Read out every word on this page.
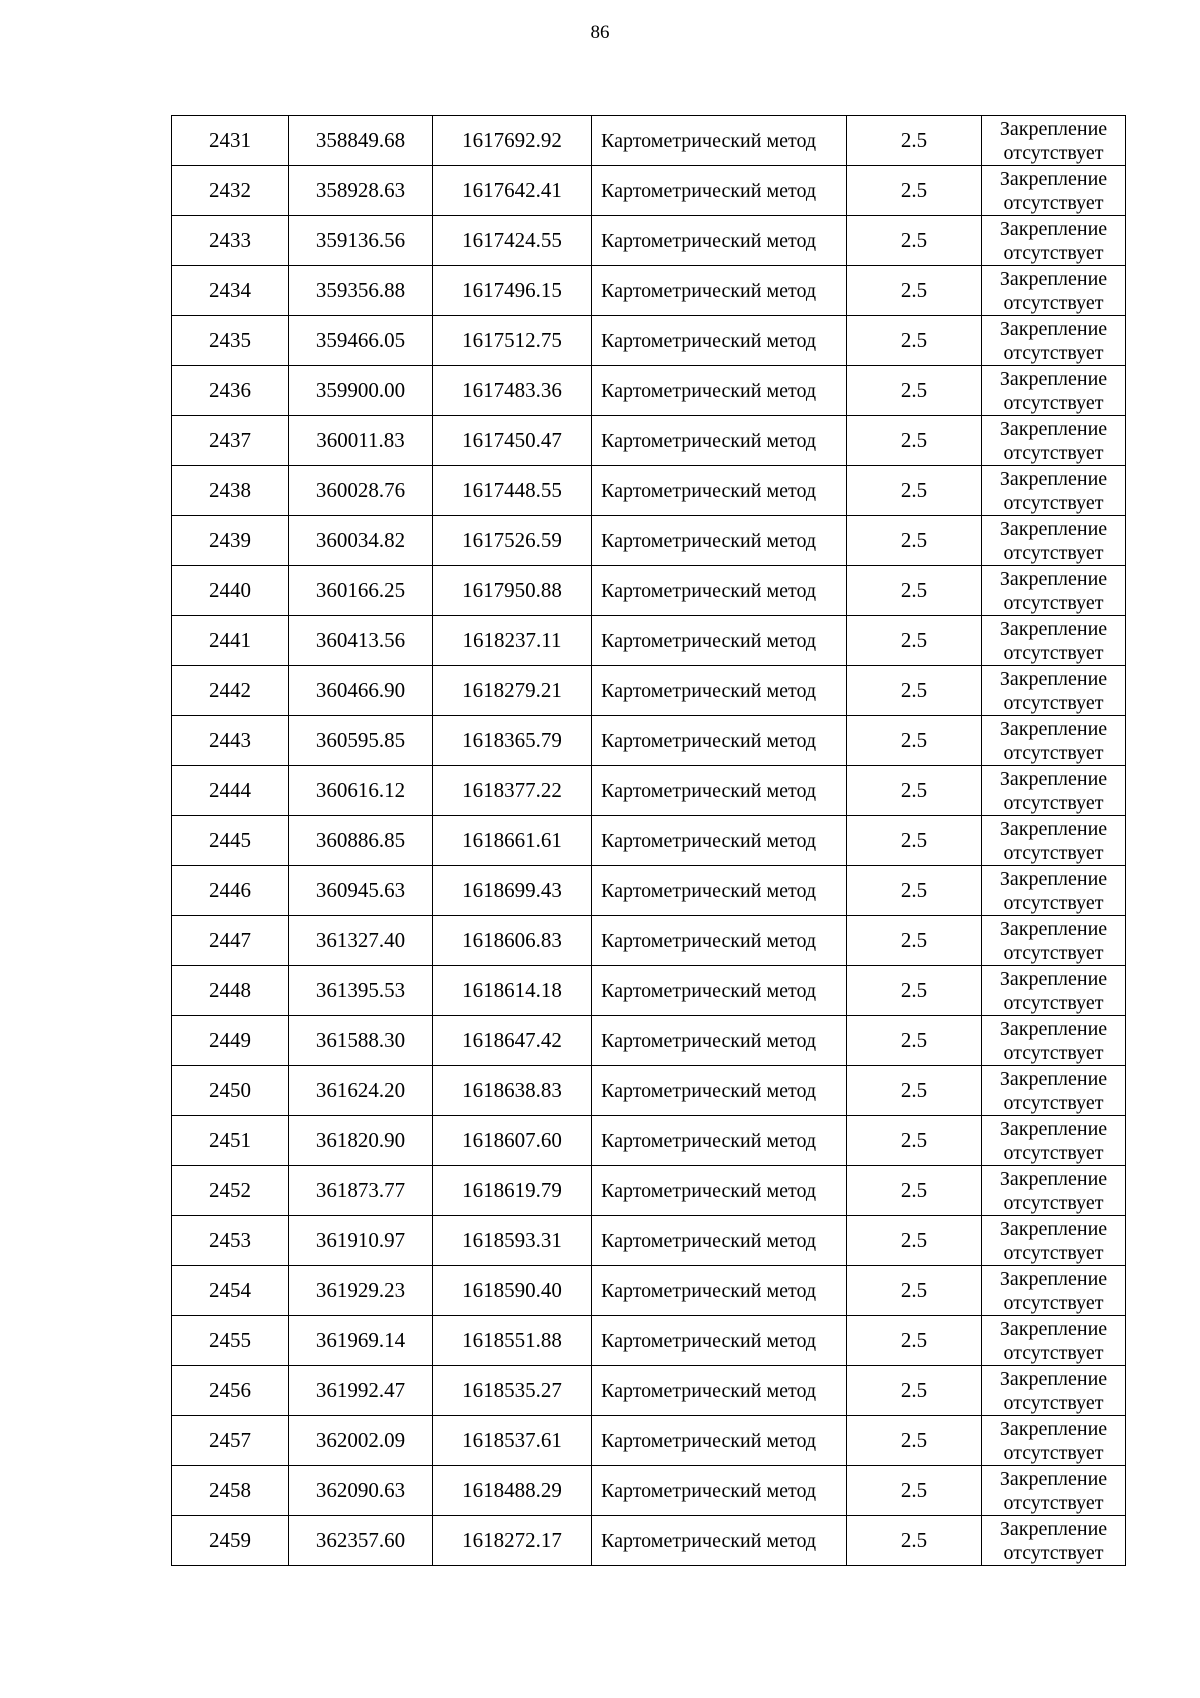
86
2431	358849.68	1617692.92	Картометрический метод	2.5	Закрепление
отсутствует

2432	358928.63	1617642.41	Картометрический метод	2.5	Закрепление
отсутствует

2433	359136.56	1617424.55	Картометрический метод	2.5	Закрепление
отсутствует

2434	359356.88	1617496.15	Картометрический метод	2.5	Закрепление
отсутствует

2435	359466.05	1617512.75	Картометрический метод	2.5	Закрепление
отсутствует

2436	359900.00	1617483.36	Картометрический метод	2.5	Закрепление
отсутствует

2437	360011.83	1617450.47	Картометрический метод	2.5	Закрепление
отсутствует

2438	360028.76	1617448.55	Картометрический метод	2.5	Закрепление
отсутствует

2439	360034.82	1617526.59	Картометрический метод	2.5	Закрепление
отсутствует

2440	360166.25	1617950.88	Картометрический метод	2.5	Закрепление
отсутствует

2441	360413.56	1618237.11	Картометрический метод	2.5	Закрепление
отсутствует

2442	360466.90	1618279.21	Картометрический метод	2.5	Закрепление
отсутствует

2443	360595.85	1618365.79	Картометрический метод	2.5	Закрепление
отсутствует

2444	360616.12	1618377.22	Картометрический метод	2.5	Закрепление
отсутствует

2445	360886.85	1618661.61	Картометрический метод	2.5	Закрепление
отсутствует

2446	360945.63	1618699.43	Картометрический метод	2.5	Закрепление
отсутствует

2447	361327.40	1618606.83	Картометрический метод	2.5	Закрепление
отсутствует

2448	361395.53	1618614.18	Картометрический метод	2.5	Закрепление
отсутствует

2449	361588.30	1618647.42	Картометрический метод	2.5	Закрепление
отсутствует

2450	361624.20	1618638.83	Картометрический метод	2.5	Закрепление
отсутствует

2451	361820.90	1618607.60	Картометрический метод	2.5	Закрепление
отсутствует

2452	361873.77	1618619.79	Картометрический метод	2.5	Закрепление
отсутствует

2453	361910.97	1618593.31	Картометрический метод	2.5	Закрепление
отсутствует

2454	361929.23	1618590.40	Картометрический метод	2.5	Закрепление
отсутствует

2455	361969.14	1618551.88	Картометрический метод	2.5	Закрепление
отсутствует

2456	361992.47	1618535.27	Картометрический метод	2.5	Закрепление
отсутствует

2457	362002.09	1618537.61	Картометрический метод	2.5	Закрепление
отсутствует

2458	362090.63	1618488.29	Картометрический метод	2.5	Закрепление
отсутствует

2459	362357.60	1618272.17	Картометрический метод	2.5	Закрепление
отсутствует
